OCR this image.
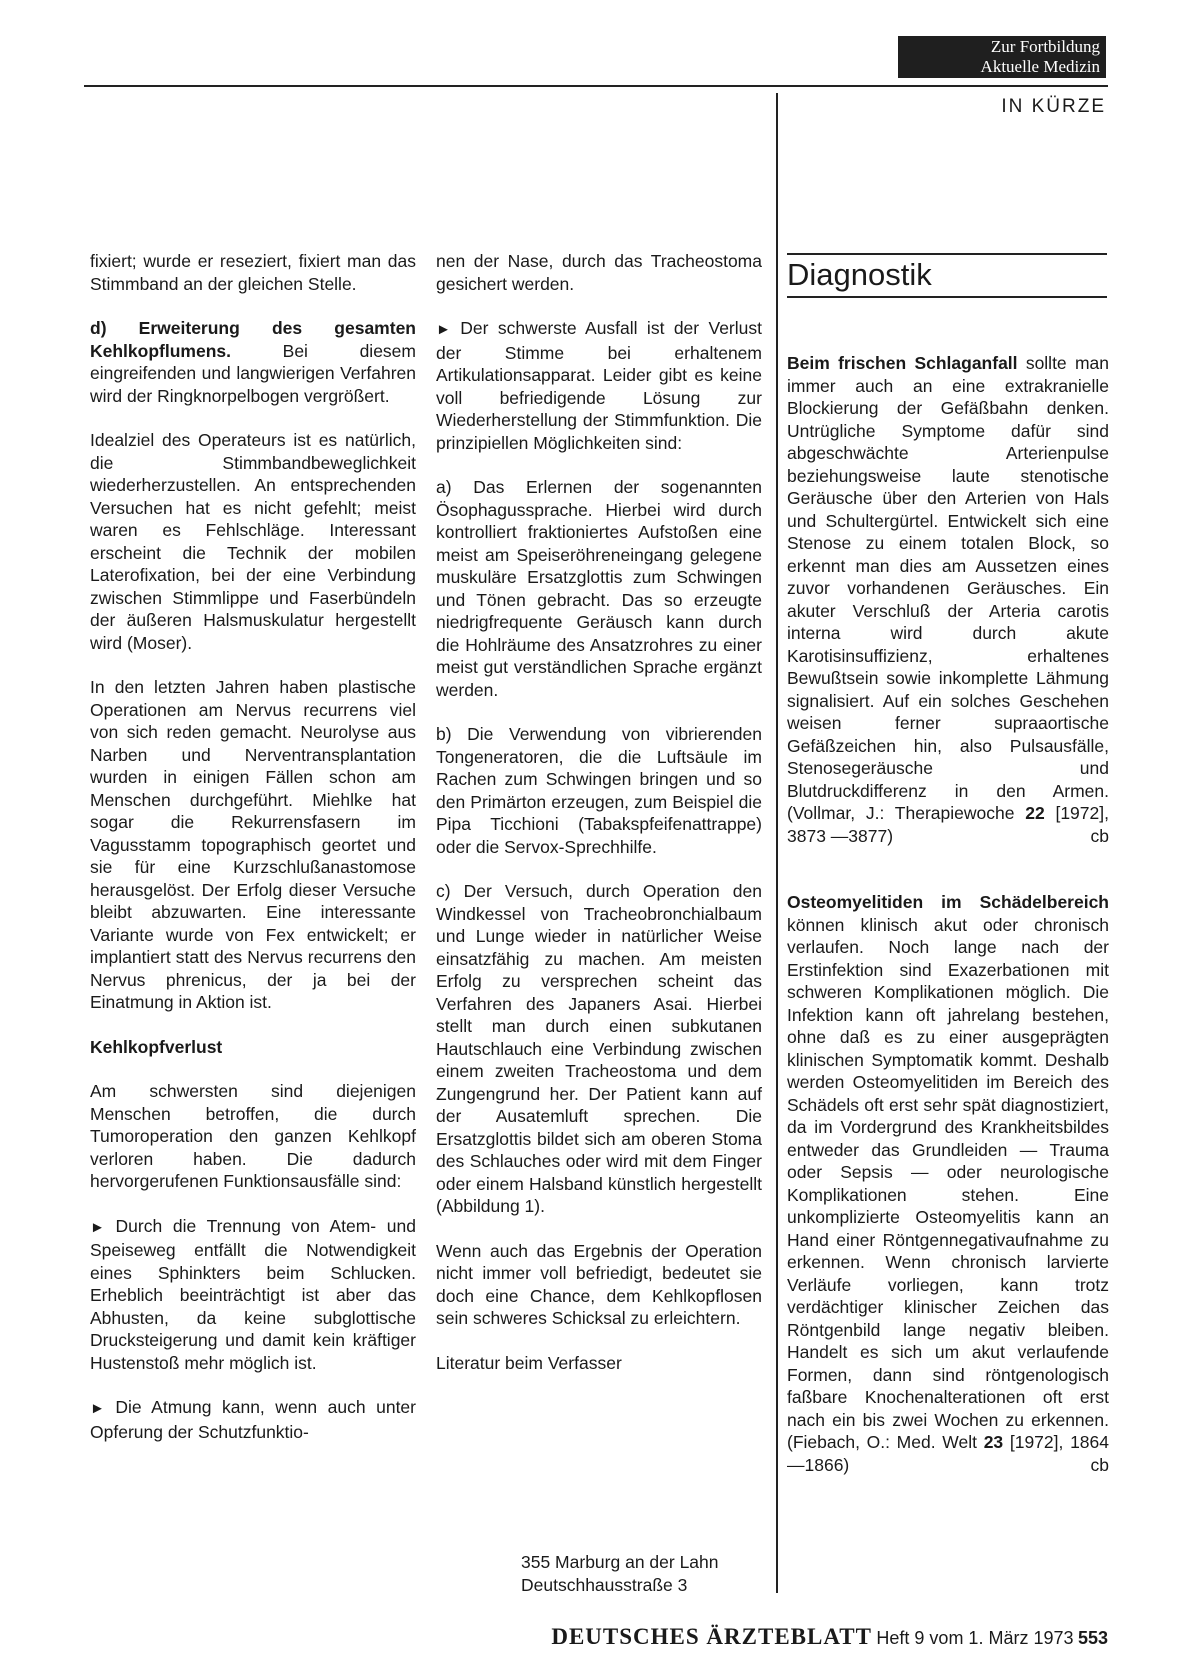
Zur Fortbildung
Aktuelle Medizin
IN KÜRZE

fixiert; wurde er reseziert, fixiert man das Stimmband an der gleichen Stelle.

d) Erweiterung des gesamten Kehlkopflumens. Bei diesem eingreifenden und langwierigen Verfahren wird der Ringknorpelbogen vergrößert.

Idealziel des Operateurs ist es natürlich, die Stimmbandbeweglichkeit wiederherzustellen. An entsprechenden Versuchen hat es nicht gefehlt; meist waren es Fehlschläge. Interessant erscheint die Technik der mobilen Laterofixation, bei der eine Verbindung zwischen Stimmlippe und Faserbündeln der äußeren Halsmuskulatur hergestellt wird (Moser).

In den letzten Jahren haben plastische Operationen am Nervus recurrens viel von sich reden gemacht. Neurolyse aus Narben und Nerventransplantation wurden in einigen Fällen schon am Menschen durchgeführt. Miehlke hat sogar die Rekurrensfasern im Vagusstamm topographisch geortet und sie für eine Kurzschlußanastomose herausgelöst. Der Erfolg dieser Versuche bleibt abzuwarten. Eine interessante Variante wurde von Fex entwickelt; er implantiert statt des Nervus recurrens den Nervus phrenicus, der ja bei der Einatmung in Aktion ist.

Kehlkopfverlust

Am schwersten sind diejenigen Menschen betroffen, die durch Tumoroperation den ganzen Kehlkopf verloren haben. Die dadurch hervorgerufenen Funktionsausfälle sind:

► Durch die Trennung von Atem- und Speiseweg entfällt die Notwendigkeit eines Sphinkters beim Schlucken. Erheblich beeinträchtigt ist aber das Abhusten, da keine subglottische Drucksteigerung und damit kein kräftiger Hustenstoß mehr möglich ist.

► Die Atmung kann, wenn auch unter Opferung der Schutzfunktio-

nen der Nase, durch das Tracheostoma gesichert werden.

► Der schwerste Ausfall ist der Verlust der Stimme bei erhaltenem Artikulationsapparat. Leider gibt es keine voll befriedigende Lösung zur Wiederherstellung der Stimmfunktion. Die prinzipiellen Möglichkeiten sind:

a) Das Erlernen der sogenannten Ösophagussprache. Hierbei wird durch kontrolliert fraktioniertes Aufstoßen eine meist am Speiseröhreneingang gelegene muskuläre Ersatzglottis zum Schwingen und Tönen gebracht. Das so erzeugte niedrigfrequente Geräusch kann durch die Hohlräume des Ansatzrohres zu einer meist gut verständlichen Sprache ergänzt werden.

b) Die Verwendung von vibrierenden Tongeneratoren, die die Luftsäule im Rachen zum Schwingen bringen und so den Primärton erzeugen, zum Beispiel die Pipa Ticchioni (Tabakspfeifenattrappe) oder die Servox-Sprechhilfe.

c) Der Versuch, durch Operation den Windkessel von Tracheobronchialbaum und Lunge wieder in natürlicher Weise einsatzfähig zu machen. Am meisten Erfolg zu versprechen scheint das Verfahren des Japaners Asai. Hierbei stellt man durch einen subkutanen Hautschlauch eine Verbindung zwischen einem zweiten Tracheostoma und dem Zungengrund her. Der Patient kann auf der Ausatemluft sprechen. Die Ersatzglottis bildet sich am oberen Stoma des Schlauches oder wird mit dem Finger oder einem Halsband künstlich hergestellt (Abbildung 1).

Wenn auch das Ergebnis der Operation nicht immer voll befriedigt, bedeutet sie doch eine Chance, dem Kehlkopflosen sein schweres Schicksal zu erleichtern.

Literatur beim Verfasser

355 Marburg an der Lahn
Deutschhausstraße 3
Diagnostik

Beim frischen Schlaganfall sollte man immer auch an eine extrakranielle Blockierung der Gefäßbahn denken. Untrügliche Symptome dafür sind abgeschwächte Arterienpulse beziehungsweise laute stenotische Geräusche über den Arterien von Hals und Schultergürtel. Entwickelt sich eine Stenose zu einem totalen Block, so erkennt man dies am Aussetzen eines zuvor vorhandenen Geräusches. Ein akuter Verschluß der Arteria carotis interna wird durch akute Karotisinsuffizienz, erhaltenes Bewußtsein sowie inkomplette Lähmung signalisiert. Auf ein solches Geschehen weisen ferner supraaortische Gefäßzeichen hin, also Pulsausfälle, Stenosegeräusche und Blutdruckdifferenz in den Armen. (Vollmar, J.: Therapiewoche 22 [1972], 3873 —3877)	cb

Osteomyelitiden im Schädelbereich können klinisch akut oder chronisch verlaufen. Noch lange nach der Erstinfektion sind Exazerbationen mit schweren Komplikationen möglich. Die Infektion kann oft jahrelang bestehen, ohne daß es zu einer ausgeprägten klinischen Symptomatik kommt. Deshalb werden Osteomyelitiden im Bereich des Schädels oft erst sehr spät diagnostiziert, da im Vordergrund des Krankheitsbildes entweder das Grundleiden — Trauma oder Sepsis — oder neurologische Komplikationen stehen. Eine unkomplizierte Osteomyelitis kann an Hand einer Röntgennegativaufnahme zu erkennen. Wenn chronisch larvierte Verläufe vorliegen, kann trotz verdächtiger klinischer Zeichen das Röntgenbild lange negativ bleiben. Handelt es sich um akut verlaufende Formen, dann sind röntgenologisch faßbare Knochenalterationen oft erst nach ein bis zwei Wochen zu erkennen. (Fiebach, O.: Med. Welt 23 [1972], 1864—1866)	cb

DEUTSCHES ÄRZTEBLATT Heft 9 vom 1. März 1973 553
